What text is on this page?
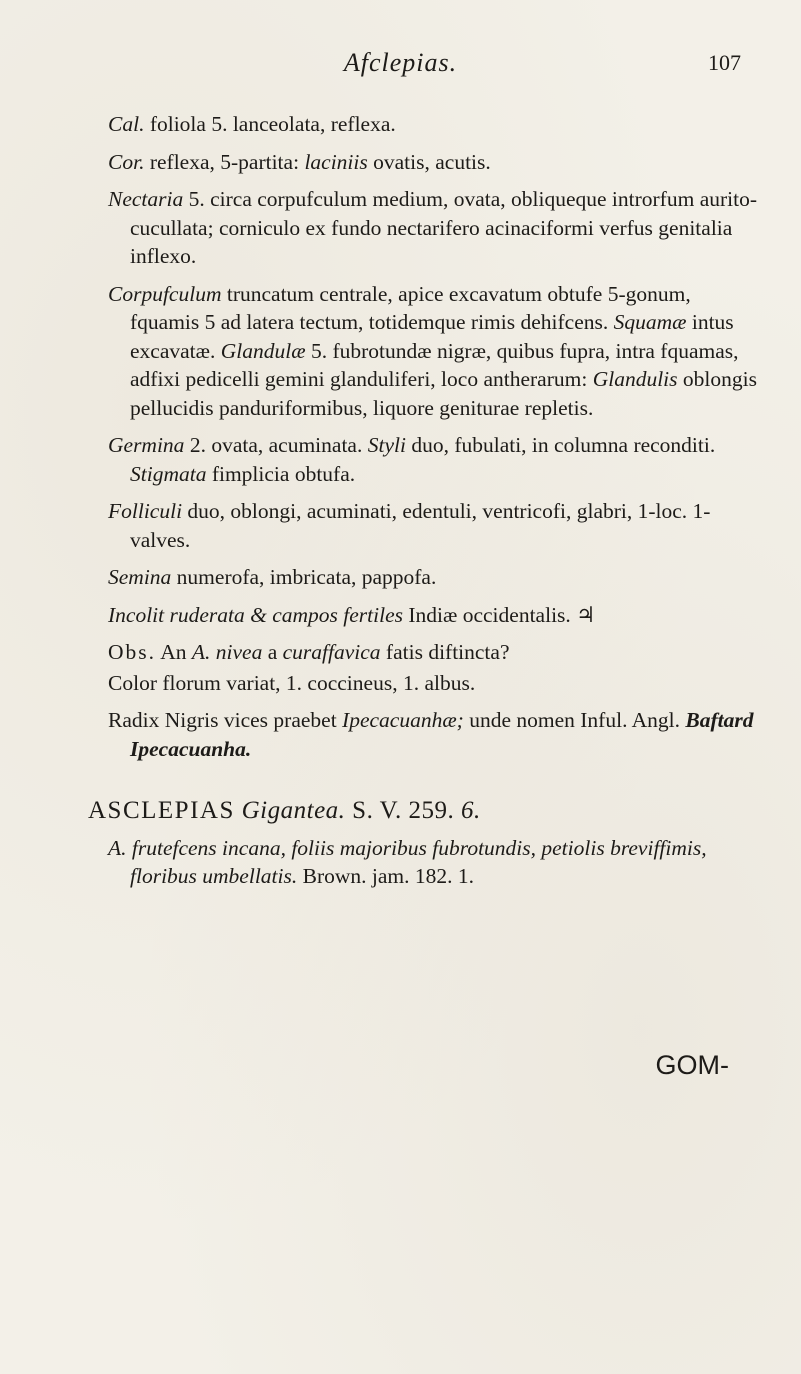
Afclepias.	107

Cal. foliola 5. lanceolata, reflexa.

Cor. reflexa, 5-partita: laciniis ovatis, acutis.

Nectaria 5. circa corpufculum medium, ovata, obliqueque introrfum aurito-cucullata; corniculo ex fundo nectarifero acinaciformi verfus genitalia inflexo.

Corpufculum truncatum centrale, apice excavatum obtufe 5-gonum, fquamis 5 ad latera tectum, totidemque rimis dehifcens. Squamæ intus excavatæ. Glandulæ 5. fubrotundæ nigræ, quibus fupra, intra fquamas, adfixi pedicelli gemini glanduliferi, loco antherarum: Glandulis oblongis pellucidis panduriformibus, liquore geniturae repletis.

Germina 2. ovata, acuminata. Styli duo, fubulati, in columna reconditi. Stigmata fimplicia obtufa.

Folliculi duo, oblongi, acuminati, edentuli, ventricofi, glabri, 1-loc. 1-valves.

Semina numerofa, imbricata, pappofa.

Incolit ruderata & campos fertiles Indiæ occidentalis. ♃

Obs. An A. nivea a curaffavica fatis diftincta?

Color florum variat, 1. coccineus, 1. albus.

Radix Nigris vices praebet Ipecacuanhæ; unde nomen Inful. Angl. Baftard Ipecacuanha.

ASCLEPIAS Gigantea. S. V. 259. 6.

A. frutefcens incana, foliis majoribus fubrotundis, petiolis breviffimis, floribus umbellatis. Brown. jam. 182. 1.

GOM-
